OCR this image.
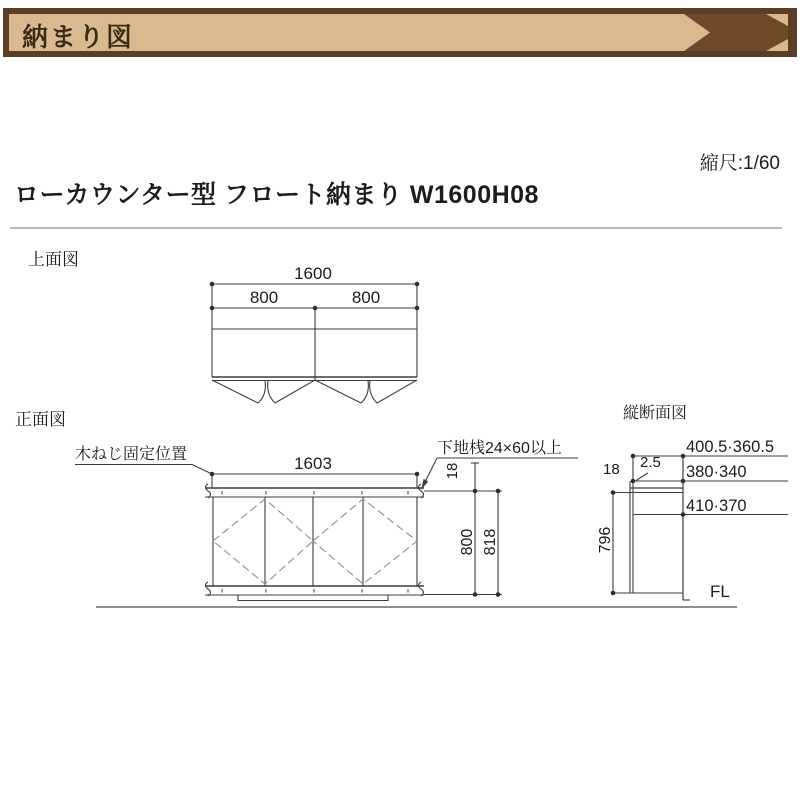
納まり図
縮尺:1/60
ローカウンター型 フロート納まり W1600H08
上面図
正面図	縦断面図
1600
800	800
1603
木ねじ固定位置	下地桟24×60以上
18
800 818
400.5·360.5
380·340
410·370
2.5
18
796
FL
